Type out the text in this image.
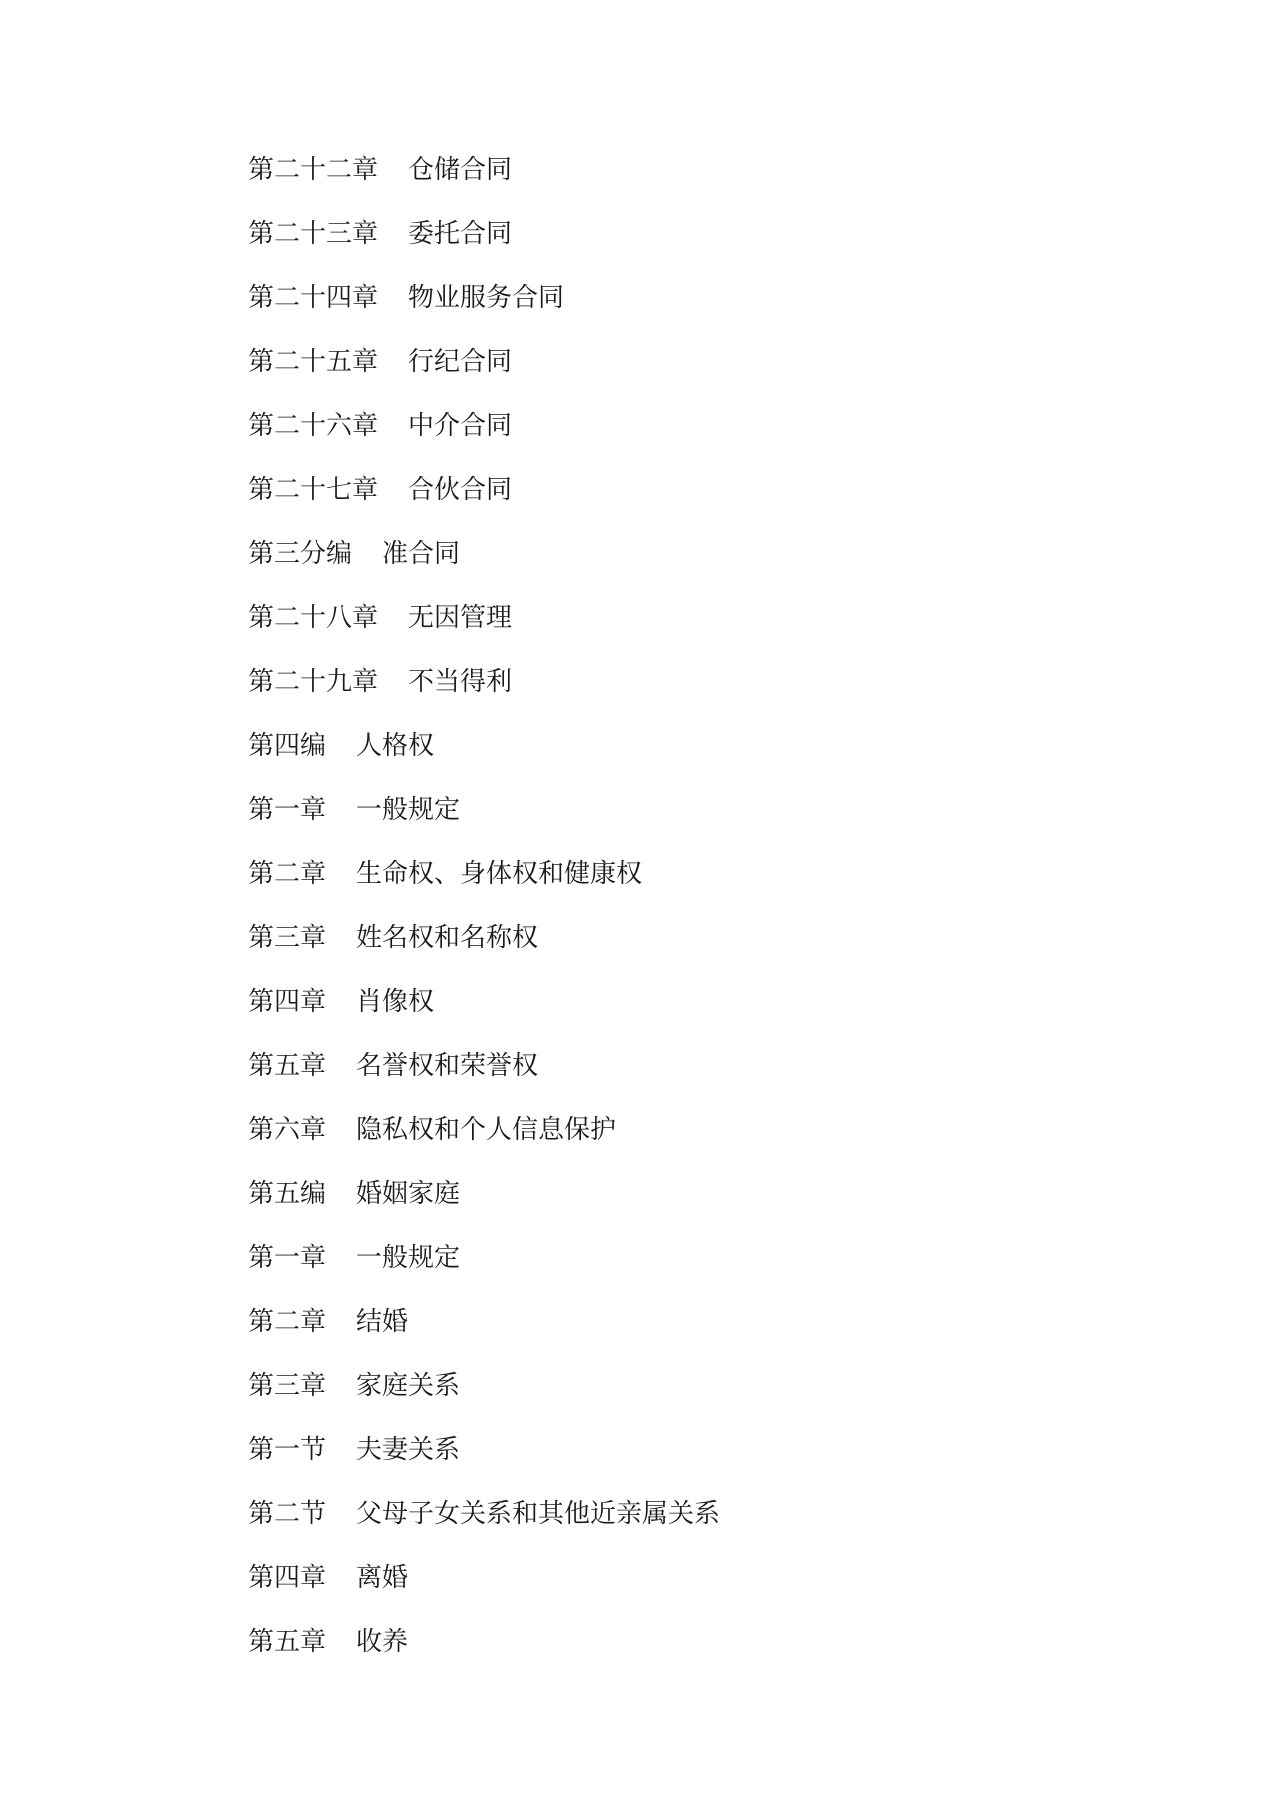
第二十二章 仓储合同
第二十三章 委托合同
第二十四章 物业服务合同
第二十五章 行纪合同
第二十六章 中介合同
第二十七章 合伙合同
第三分编 准合同
第二十八章 无因管理
第二十九章 不当得利
第四编 人格权
第一章 一般规定
第二章 生命权、身体权和健康权
第三章 姓名权和名称权
第四章 肖像权
第五章 名誉权和荣誉权
第六章 隐私权和个人信息保护
第五编 婚姻家庭
第一章 一般规定
第二章 结婚
第三章 家庭关系
第一节 夫妻关系
第二节 父母子女关系和其他近亲属关系
第四章 离婚
第五章 收养
